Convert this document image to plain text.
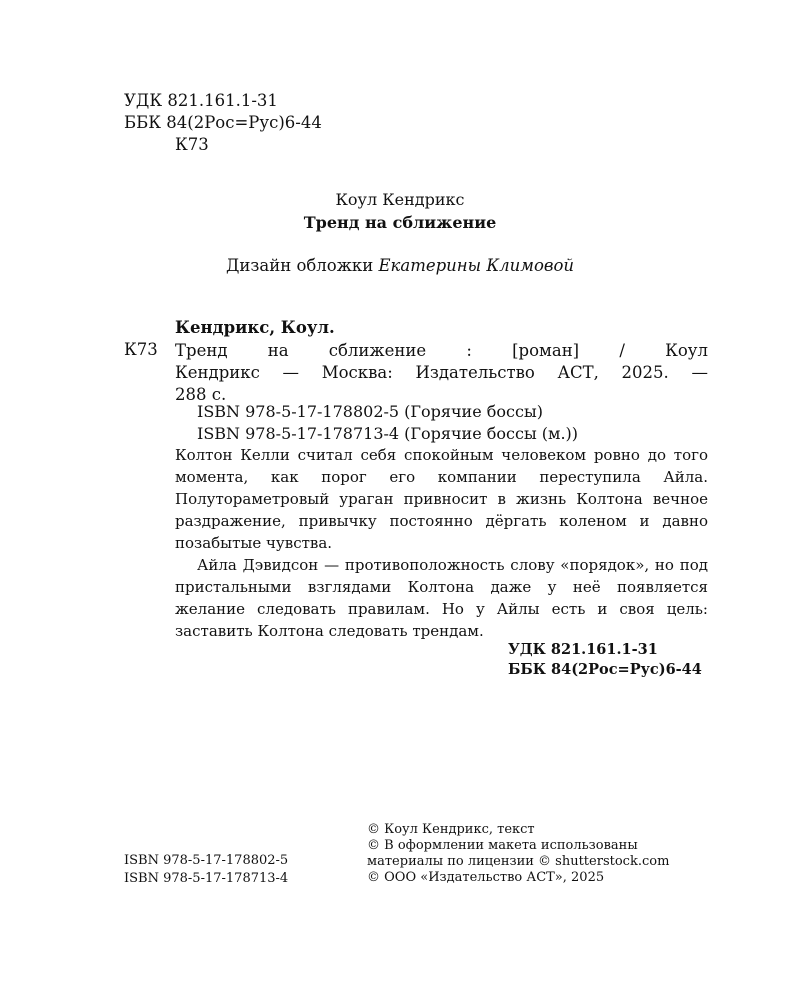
УДК 821.161.1-31
ББК 84(2Рос=Рус)6-44
К73
Коул Кендрикс
Тренд на сближение
Дизайн обложки Екатерины Климовой
Кендрикс, Коул.
К73 Тренд на сближение : [роман] / Коул
Кендрикс — Москва: Издательство АСТ, 2025. —
288 с.
ISBN 978-5-17-178802-5 (Горячие боссы)
ISBN 978-5-17-178713-4 (Горячие боссы (м.))

Колтон Келли считал себя спокойным человеком ровно до того момента, как порог его компании переступила Айла. Полутораметровый ураган привносит в жизнь Колтона вечное раздражение, привычку постоянно дёргать коленом и давно позабытые чувства.

Айла Дэвидсон — противоположность слову «порядок», но под пристальными взглядами Колтона даже у неё появляется желание следовать правилам. Но у Айлы есть и своя цель: заставить Колтона следовать трендам.

УДК 821.161.1-31
ББК 84(2Рос=Рус)6-44
ISBN 978-5-17-178802-5
ISBN 978-5-17-178713-4
© Коул Кендрикс, текст
© В оформлении макета использованы
материалы по лицензии © shutterstock.com
© ООО «Издательство АСТ», 2025
